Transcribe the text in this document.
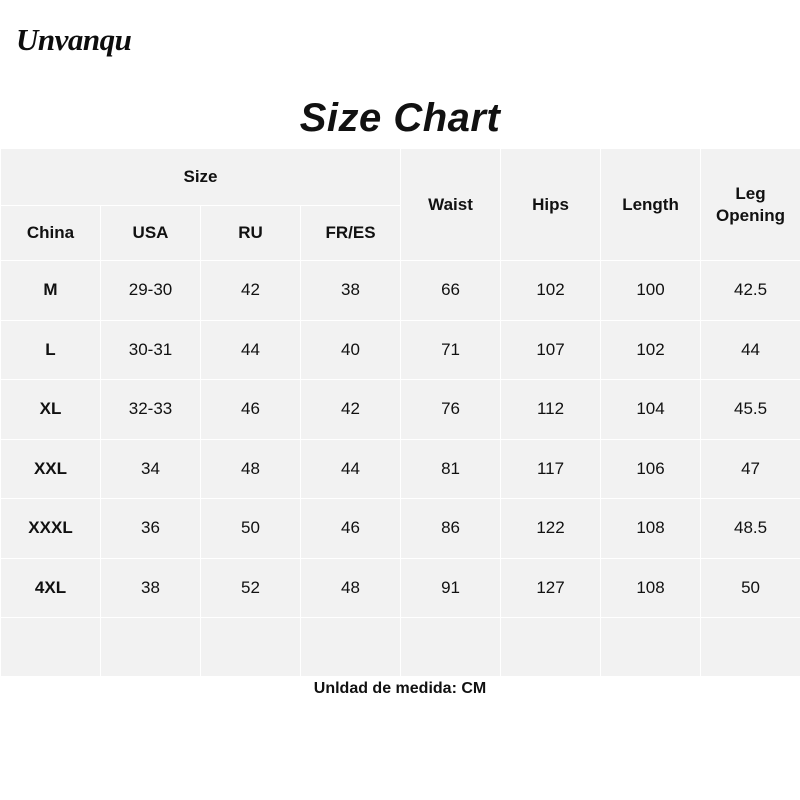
Unvanqu
Size Chart
Size				Waist	Hips	Length	Leg
Opening
China	USA	RU	FR/ES				
M	29-30	42	38	66	102	100	42.5
L	30-31	44	40	71	107	102	44
XL	32-33	46	42	76	112	104	45.5
XXL	34	48	44	81	117	106	47
XXXL	36	50	46	86	122	108	48.5
4XL	38	52	48	91	127	108	50

Unldad de medida: CM
